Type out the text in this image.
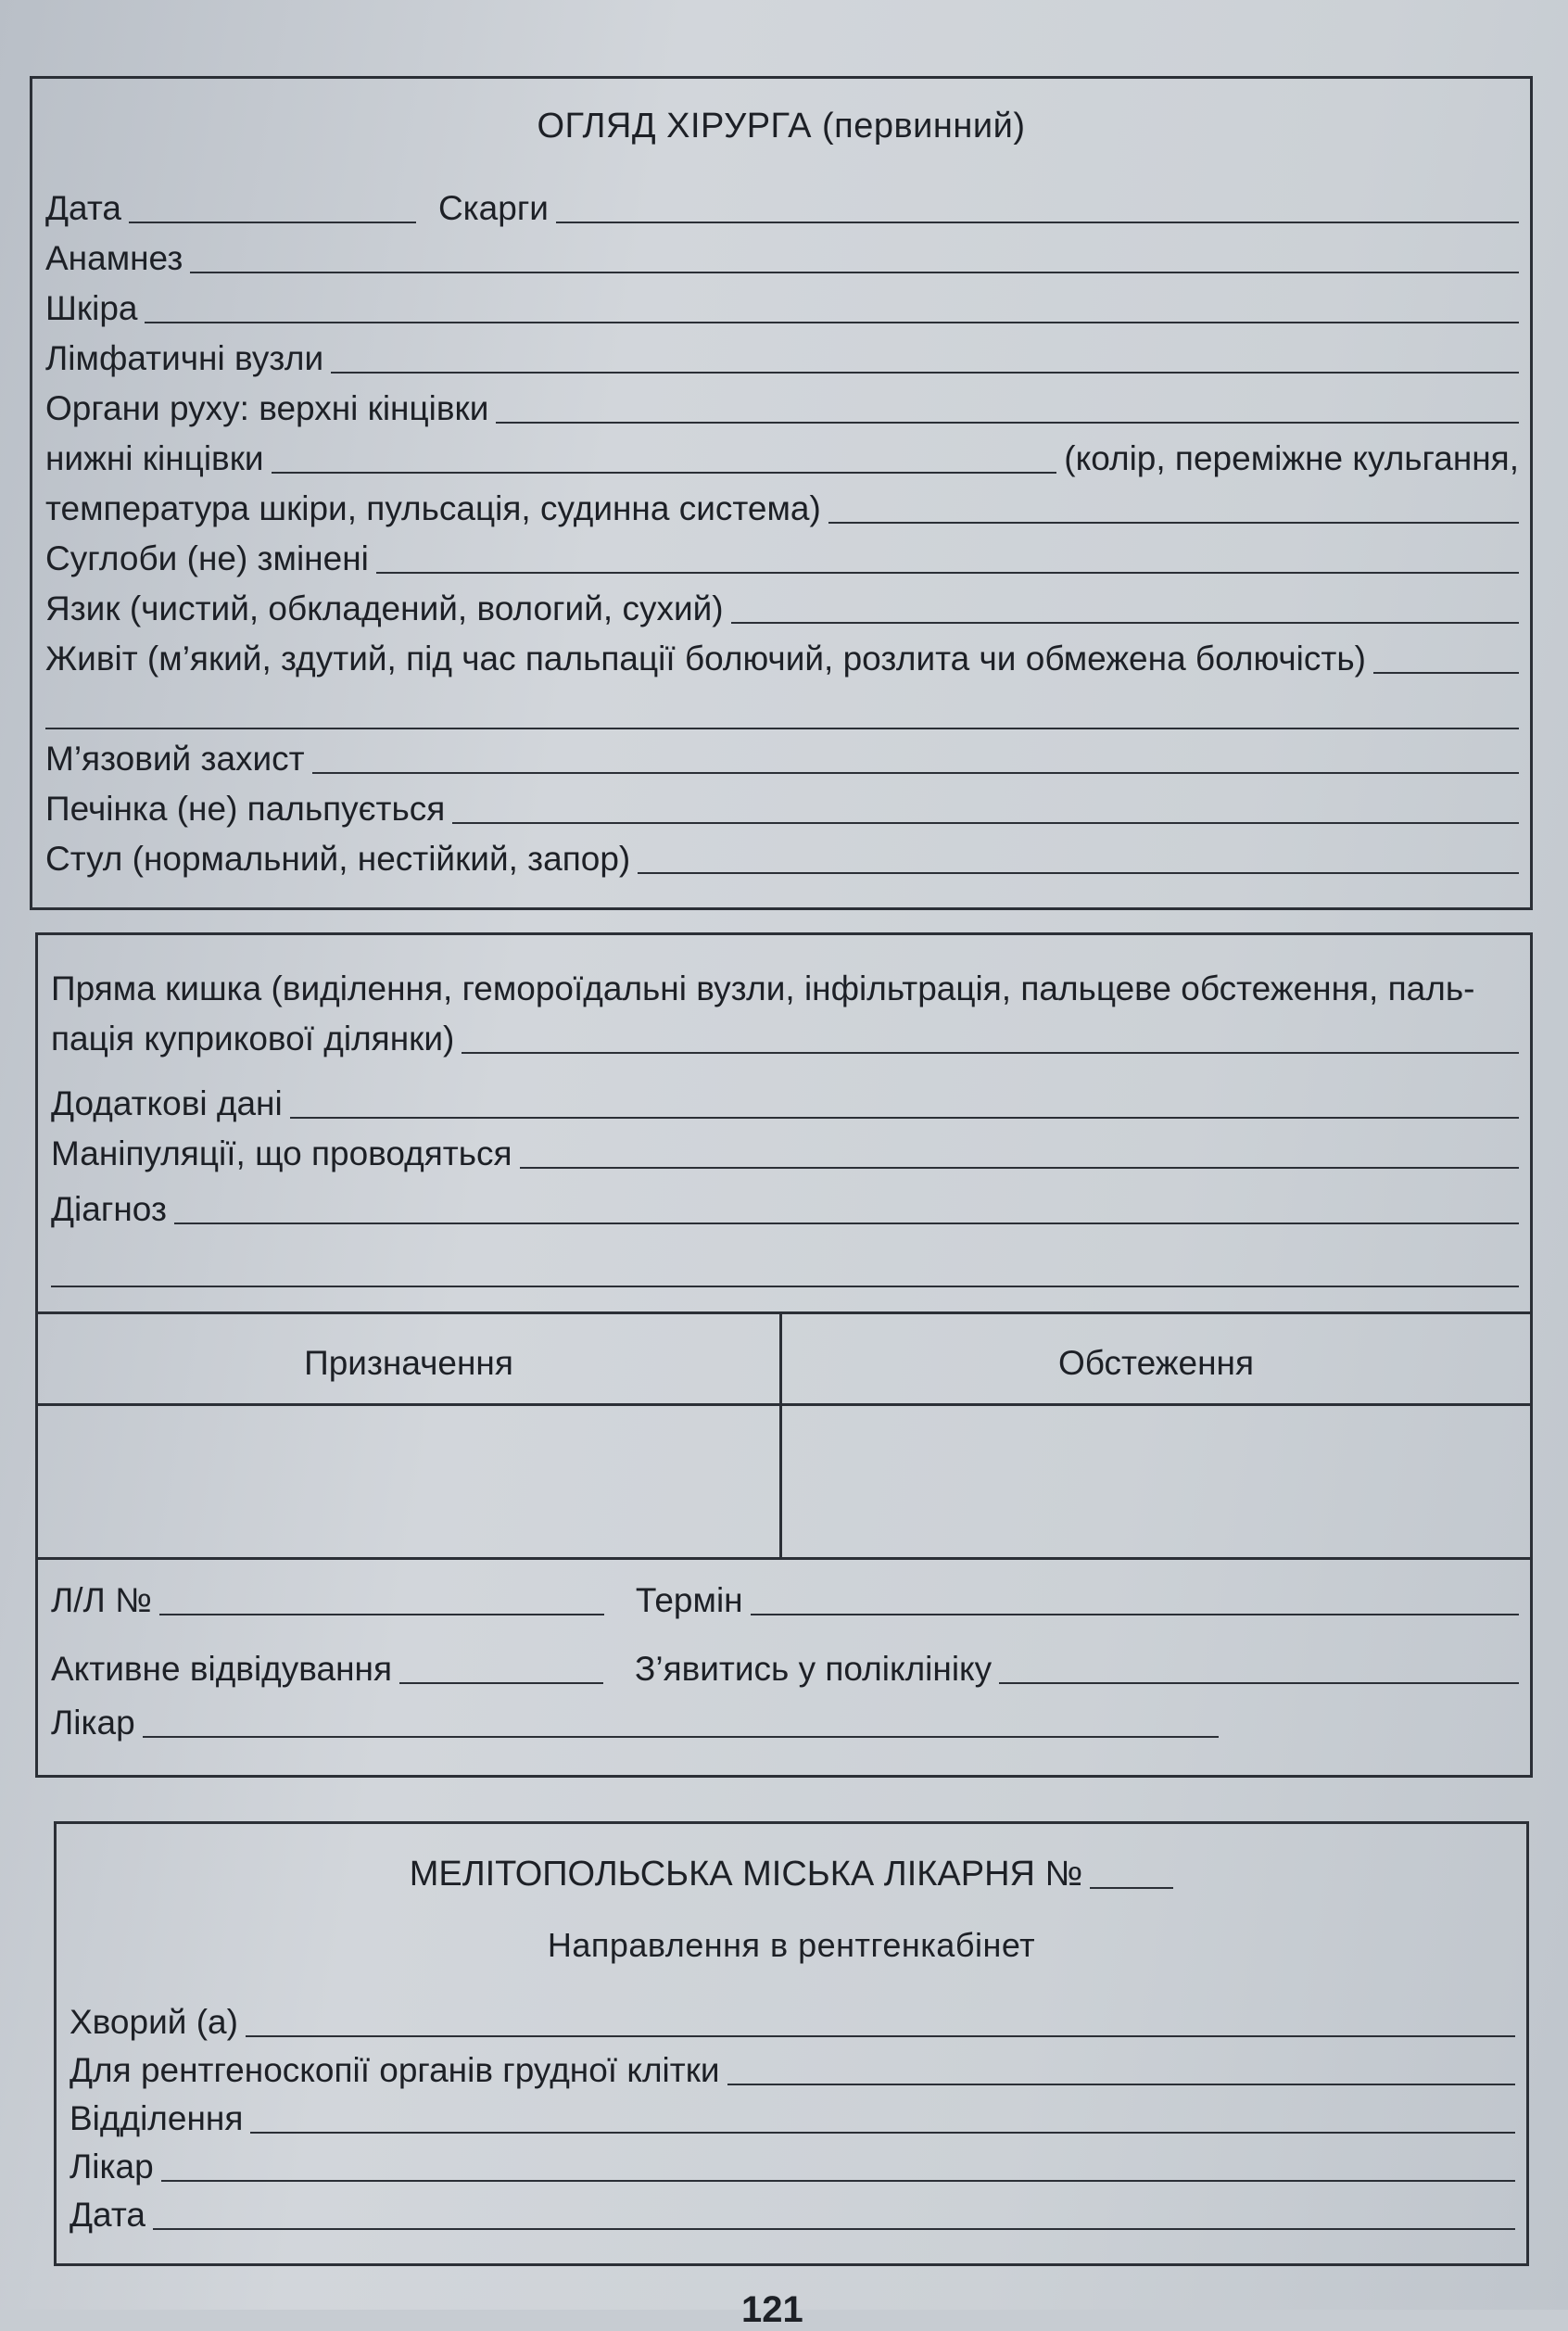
ОГЛЯД ХІРУРГА (первинний)
Дата	Скарги
Анамнез
Шкіра
Лімфатичні вузли
Органи руху: верхні кінцівки
нижні кінцівки	(колір, переміжне кульгання,
температура шкіри, пульсація, судинна система)
Суглоби (не) змінені
Язик (чистий, обкладений, вологий, сухий)
Живіт (м’який, здутий, під час пальпації болючий, розлита чи обмежена болючість)
М’язовий захист
Печінка (не) пальпується
Стул (нормальний, нестійкий, запор)
Пряма кишка (виділення, гемороїдальні вузли, інфільтрація, пальцеве обстеження, паль-
пація куприкової ділянки)
Додаткові дані
Маніпуляції, що проводяться
Діагноз
Призначення	Обстеження
Л/Л №	Термін
Активне відвідування	З’явитись у поліклініку
Лікар
МЕЛІТОПОЛЬСЬКА МІСЬКА ЛІКАРНЯ №
Направлення в рентгенкабінет
Хворий (а)
Для рентгеноскопії органів грудної клітки
Відділення
Лікар
Дата
121
